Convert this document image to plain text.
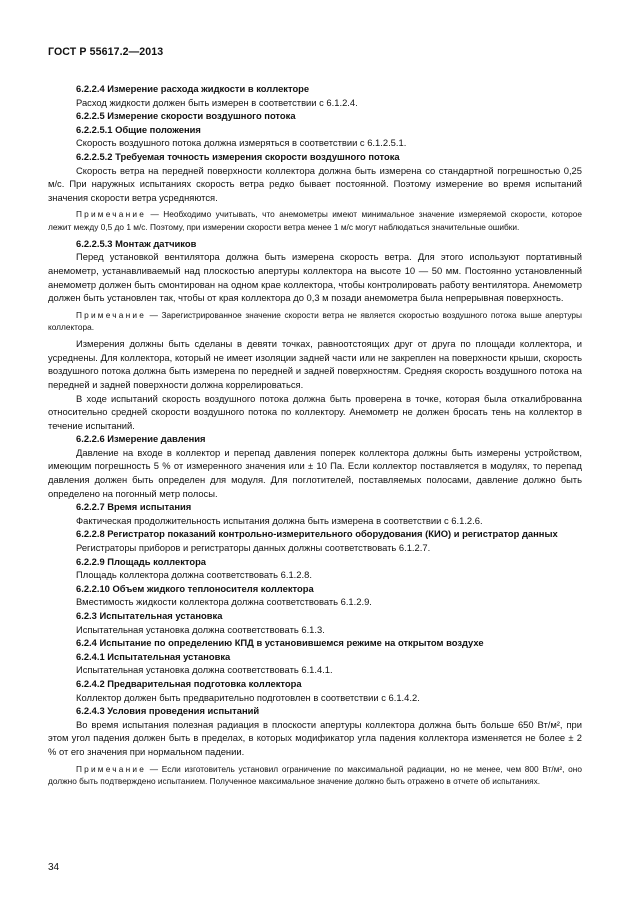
ГОСТ Р 55617.2—2013

6.2.2.4 Измерение расхода жидкости в коллекторе

Расход жидкости должен быть измерен в соответствии с 6.1.2.4.

6.2.2.5 Измерение скорости воздушного потока

6.2.2.5.1 Общие положения

Скорость воздушного потока должна измеряться в соответствии с 6.1.2.5.1.

6.2.2.5.2 Требуемая точность измерения скорости воздушного потока

Скорость ветра на передней поверхности коллектора должна быть измерена со стандартной погрешностью 0,25 м/с. При наружных испытаниях скорость ветра редко бывает постоянной. Поэтому измерение во время испытаний значения скорости ветра усредняются.

Примечание — Необходимо учитывать, что анемометры имеют минимальное значение измеряемой скорости, которое лежит между 0,5 до 1 м/с. Поэтому, при измерении скорости ветра менее 1 м/с могут наблюдаться значительные ошибки.

6.2.2.5.3 Монтаж датчиков

Перед установкой вентилятора должна быть измерена скорость ветра. Для этого используют портативный анемометр, устанавливаемый над плоскостью апертуры коллектора на высоте 10 — 50 мм. Постоянно установленный анемометр должен быть смонтирован на одном крае коллектора, чтобы контролировать работу вентилятора. Анемометр должен быть установлен так, чтобы от края коллектора до 0,3 м позади анемометра была непрерывная поверхность.

Примечание — Зарегистрированное значение скорости ветра не является скоростью воздушного потока выше апертуры коллектора.

Измерения должны быть сделаны в девяти точках, равноотстоящих друг от друга по площади коллектора, и усреднены. Для коллектора, который не имеет изоляции задней части или не закреплен на поверхности крыши, скорость воздушного потока должна быть измерена по передней и задней поверхностям. Средняя скорость воздушного потока на передней и задней поверхности должна коррелироваться.

В ходе испытаний скорость воздушного потока должна быть проверена в точке, которая была откалиброванна относительно средней скорости воздушного потока по коллектору. Анемометр не должен бросать тень на коллектор в течение испытаний.

6.2.2.6 Измерение давления

Давление на входе в коллектор и перепад давления поперек коллектора должны быть измерены устройством, имеющим погрешность 5 % от измеренного значения или ± 10 Па. Если коллектор поставляется в модулях, то перепад давления должен быть определен для модуля. Для поглотителей, поставляемых полосами, давление должно быть определено на погонный метр полосы.

6.2.2.7 Время испытания

Фактическая продолжительность испытания должна быть измерена в соответствии с 6.1.2.6.

6.2.2.8 Регистратор показаний контрольно-измерительного оборудования (КИО) и регистратор данных

Регистраторы приборов и регистраторы данных должны соответствовать 6.1.2.7.

6.2.2.9 Площадь коллектора

Площадь коллектора должна соответствовать 6.1.2.8.

6.2.2.10 Объем жидкого теплоносителя коллектора

Вместимость жидкости коллектора должна соответствовать 6.1.2.9.

6.2.3 Испытательная установка

Испытательная установка должна соответствовать 6.1.3.

6.2.4 Испытание по определению КПД в установившемся режиме на открытом воздухе

6.2.4.1 Испытательная установка

Испытательная установка должна соответствовать 6.1.4.1.

6.2.4.2 Предварительная подготовка коллектора

Коллектор должен быть предварительно подготовлен в соответствии с 6.1.4.2.

6.2.4.3 Условия проведения испытаний

Во время испытания полезная радиация в плоскости апертуры коллектора должна быть больше 650 Вт/м², при этом угол падения должен быть в пределах, в которых модификатор угла падения коллектора изменяется не более ± 2 % от его значения при нормальном падении.

Примечание — Если изготовитель установил ограничение по максимальной радиации, но не менее, чем 800 Вт/м², оно должно быть подтверждено испытанием. Полученное максимальное значение должно быть отражено в отчете об испытаниях.

34
